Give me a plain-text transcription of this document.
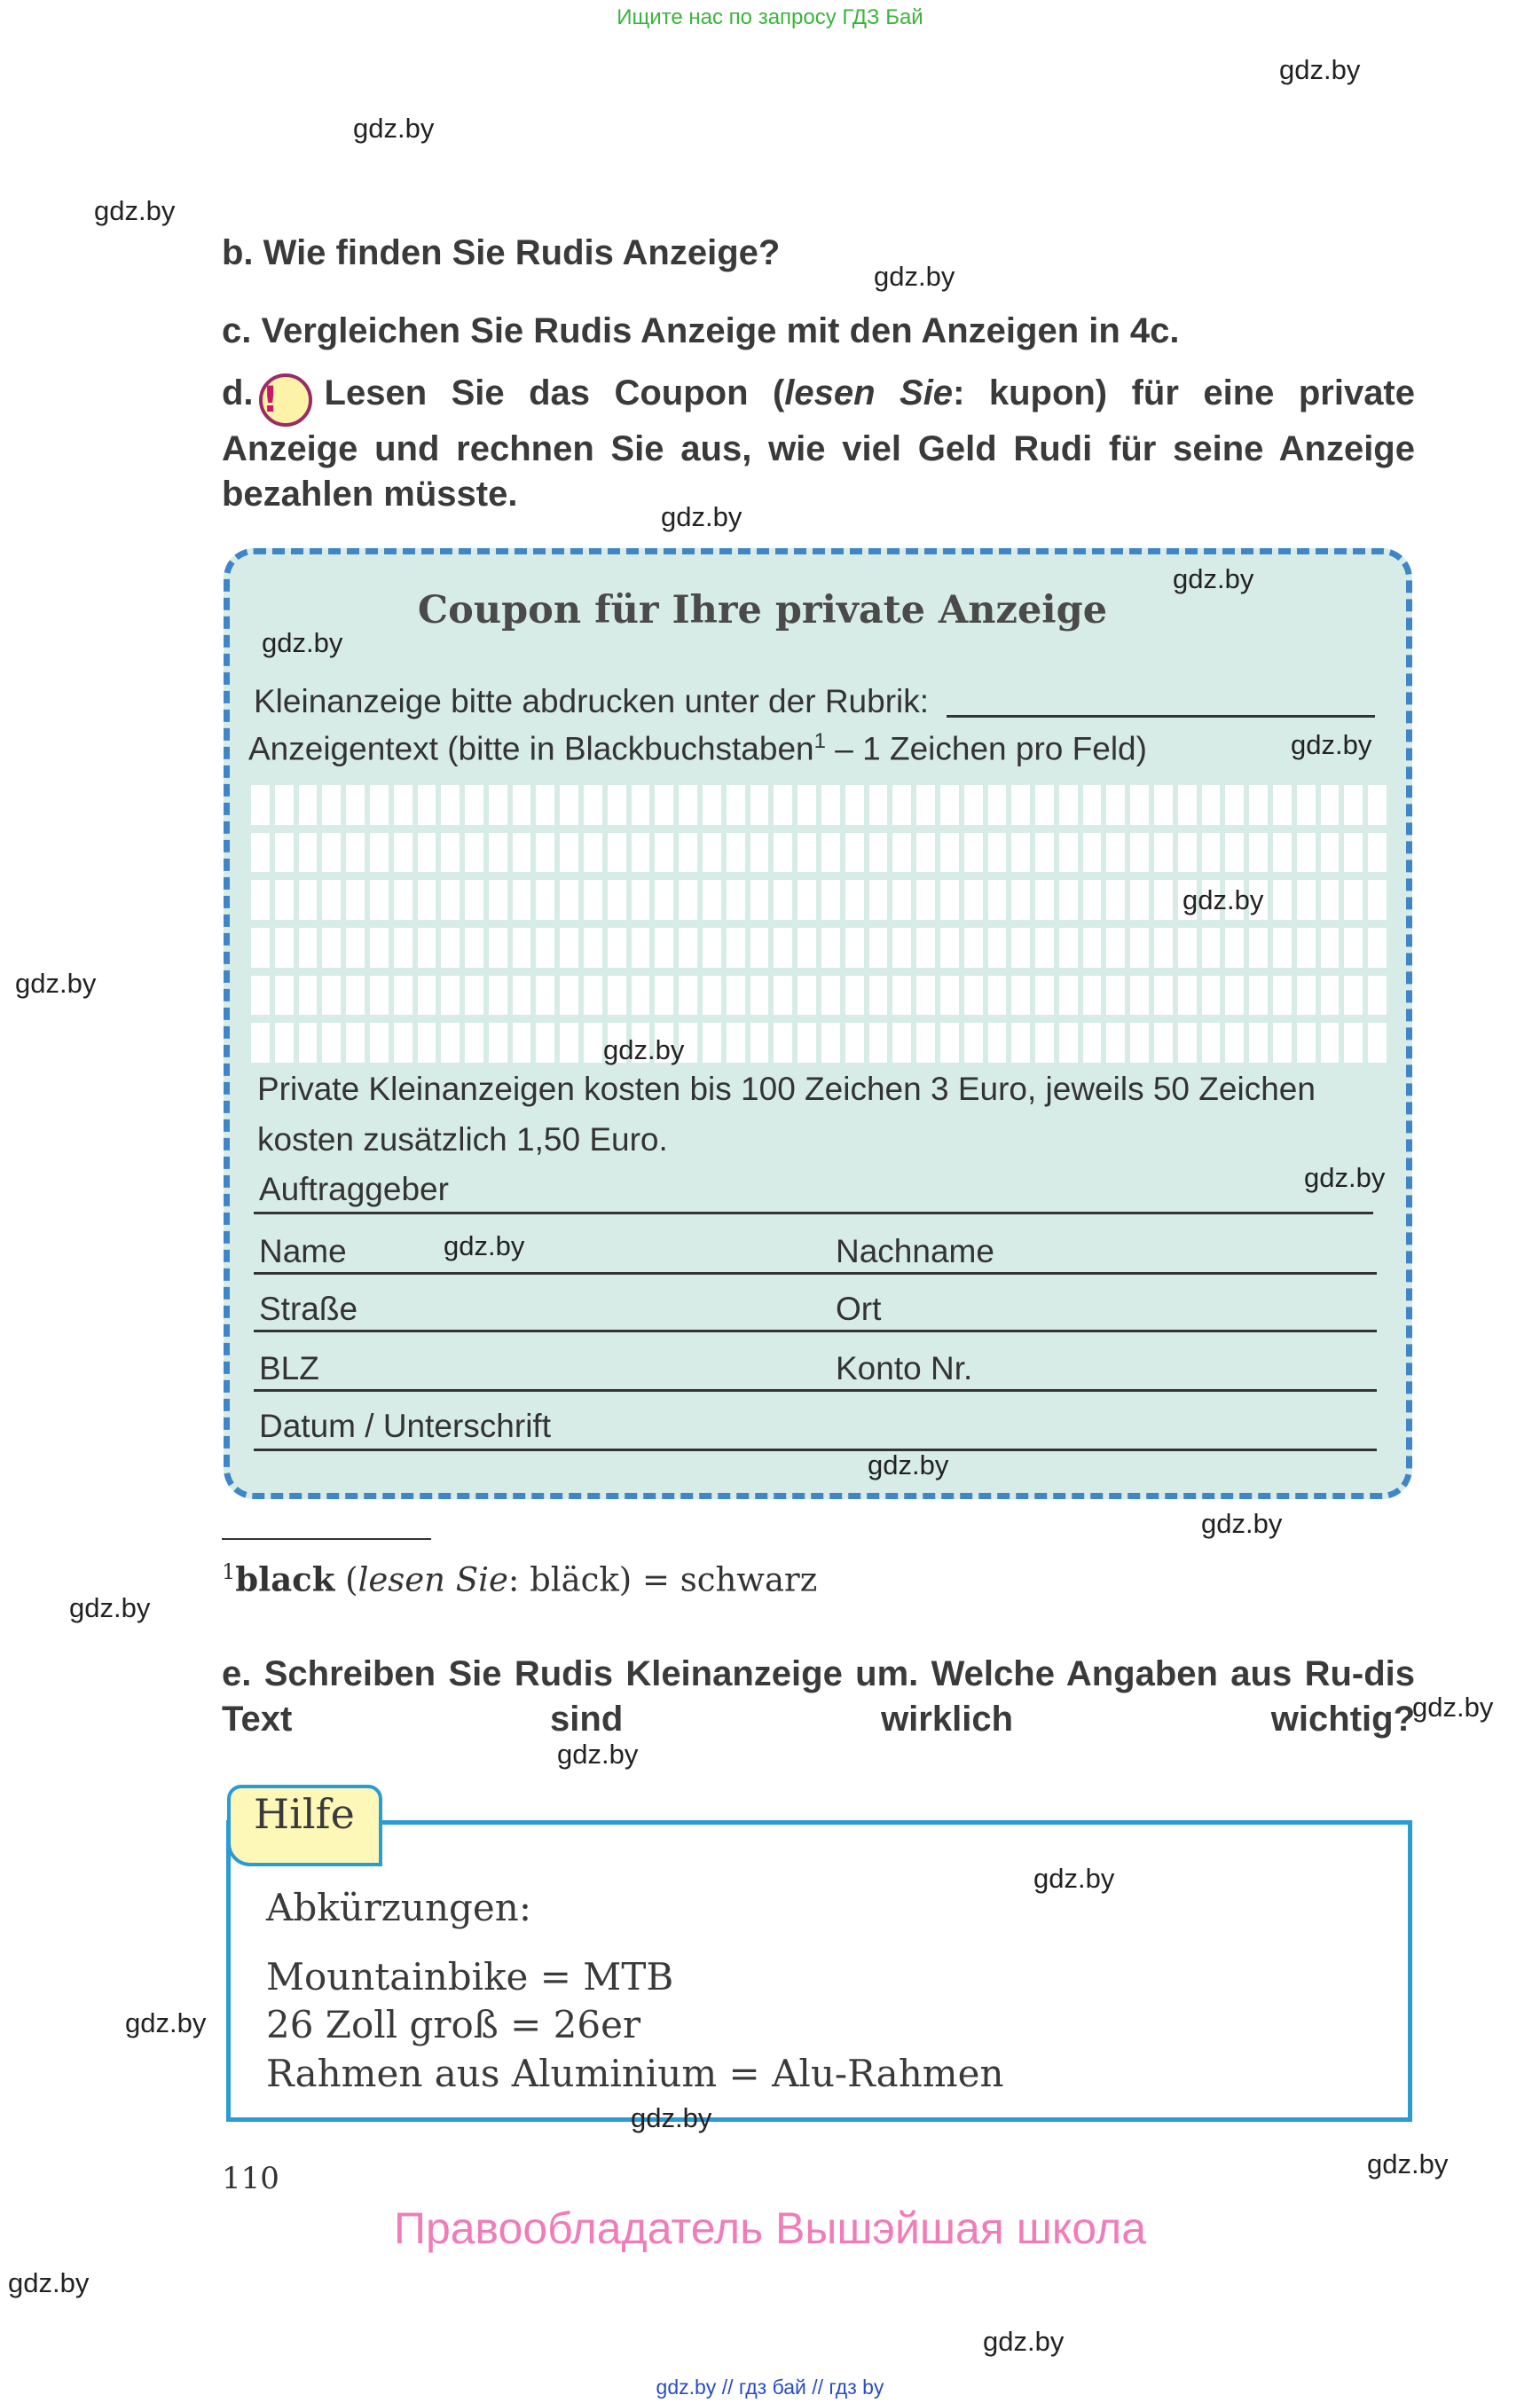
Ищите нас по запросу ГДЗ Бай
gdz.by
gdz.by
gdz.by
gdz.by
gdz.by
b. Wie finden Sie Rudis Anzeige?
c. Vergleichen Sie Rudis Anzeige mit den Anzeigen in 4c.
d. ! Lesen Sie das Coupon (lesen Sie: kupon) für eine private Anzeige und rechnen Sie aus, wie viel Geld Rudi für seine Anzeige bezahlen müsste.
Coupon für Ihre private Anzeige
Kleinanzeige bitte abdrucken unter der Rubrik:
Anzeigentext (bitte in Blackbuchstaben$^1$ – 1 Zeichen pro Feld)
Private Kleinanzeigen kosten bis 100 Zeichen 3 Euro, jeweils 50 Zeichen
kosten zusätzlich 1,50 Euro.
Auftraggeber
Name	Nachname
Straße	Ort
BLZ	Konto Nr.
Datum / Unterschrift
gdz.by
gdz.by
gdz.by
gdz.by
gdz.by
gdz.by
gdz.by
gdz.by
gdz.by
gdz.by
$^1$black (lesen Sie: bläck) = schwarz
gdz.by
e. Schreiben Sie Rudis Kleinanzeige um. Welche Angaben aus Ru-dis Text sind wirklich wichtig?
gdz.by
gdz.by
Hilfe
Abkürzungen:
Mountainbike = MTB
26 Zoll groß = 26er
Rahmen aus Aluminium = Alu-Rahmen
gdz.by
gdz.by
gdz.by
gdz.by
gdz.by
gdz.by
110
Правообладатель Вышэйшая школа
gdz.by // гдз бай // гдз by
